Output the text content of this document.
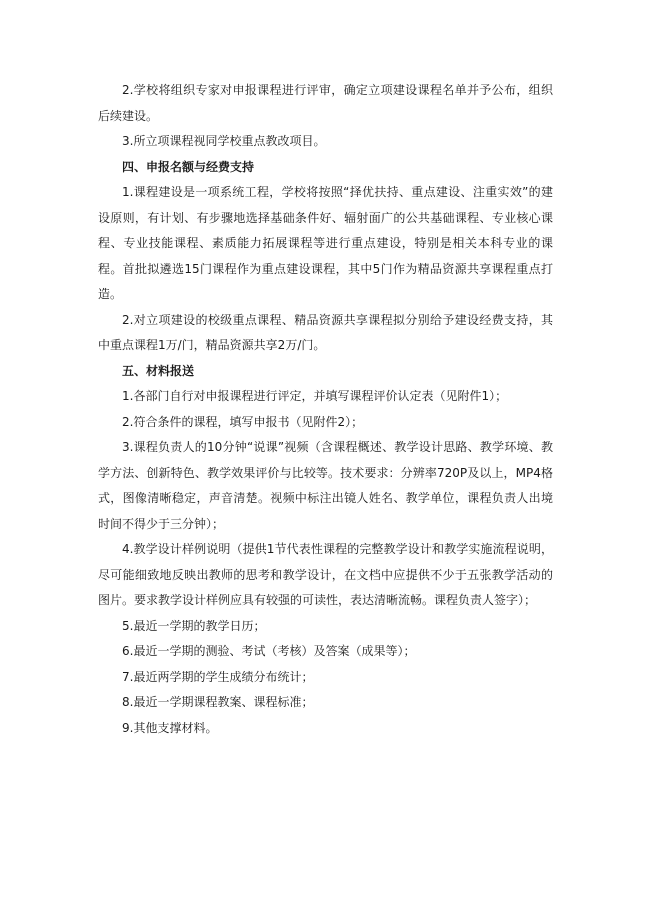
2.学校将组织专家对申报课程进行评审，确定立项建设课程名单并予公布，组织后续建设。

3.所立项课程视同学校重点教改项目。

四、申报名额与经费支持

1.课程建设是一项系统工程，学校将按照“择优扶持、重点建设、注重实效”的建设原则，有计划、有步骤地选择基础条件好、辐射面广的公共基础课程、专业核心课程、专业技能课程、素质能力拓展课程等进行重点建设，特别是相关本科专业的课程。首批拟遴选15门课程作为重点建设课程，其中5门作为精品资源共享课程重点打造。

2.对立项建设的校级重点课程、精品资源共享课程拟分别给予建设经费支持，其中重点课程1万/门，精品资源共享2万/门。

五、材料报送

1.各部门自行对申报课程进行评定，并填写课程评价认定表（见附件1）；

2.符合条件的课程，填写申报书（见附件2）；

3.课程负责人的10分钟“说课”视频（含课程概述、教学设计思路、教学环境、教学方法、创新特色、教学效果评价与比较等。技术要求：分辨率720P及以上，MP4格式，图像清晰稳定，声音清楚。视频中标注出镜人姓名、教学单位，课程负责人出境时间不得少于三分钟）；

4.教学设计样例说明（提供1节代表性课程的完整教学设计和教学实施流程说明，尽可能细致地反映出教师的思考和教学设计，在文档中应提供不少于五张教学活动的图片。要求教学设计样例应具有较强的可读性，表达清晰流畅。课程负责人签字）；

5.最近一学期的教学日历；

6.最近一学期的测验、考试（考核）及答案（成果等）；

7.最近两学期的学生成绩分布统计；

8.最近一学期课程教案、课程标准；

9.其他支撑材料。
